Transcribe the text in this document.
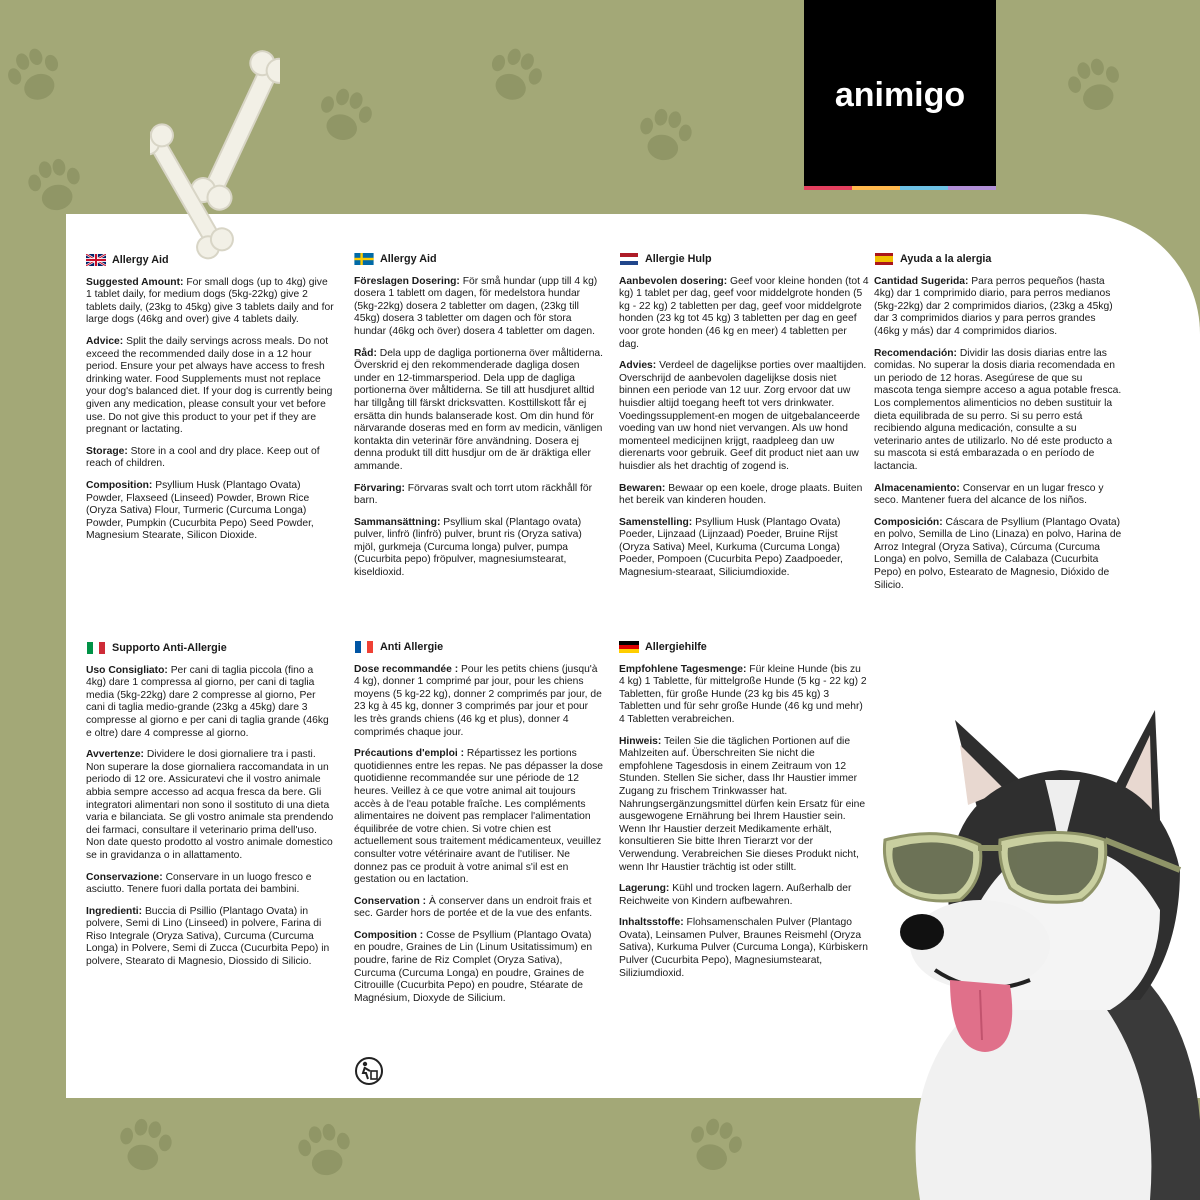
animigo
Allergy Aid

Suggested Amount: For small dogs (up to 4kg) give 1 tablet daily, for medium dogs (5kg-22kg) give 2 tablets daily, (23kg to 45kg) give 3 tablets daily and for large dogs (46kg and over) give 4 tablets daily.

Advice: Split the daily servings across meals. Do not exceed the recommended daily dose in a 12 hour period. Ensure your pet always have access to fresh drinking water. Food Supplements must not replace your dog's balanced diet. If your dog is currently being given any medication, please consult your vet before use. Do not give this product to your pet if they are pregnant or lactating.

Storage: Store in a cool and dry place. Keep out of reach of children.

Composition: Psyllium Husk (Plantago Ovata) Powder, Flaxseed (Linseed) Powder, Brown Rice (Oryza Sativa) Flour, Turmeric (Curcuma Longa) Powder, Pumpkin (Cucurbita Pepo) Seed Powder, Magnesium Stearate, Silicon Dioxide.

Allergy Aid

Föreslagen Dosering: För små hundar (upp till 4 kg) dosera 1 tablett om dagen, för medelstora hundar (5kg-22kg) dosera 2 tabletter om dagen, (23kg till 45kg) dosera 3 tabletter om dagen och för stora hundar (46kg och över) dosera 4 tabletter om dagen.

Råd: Dela upp de dagliga portionerna över måltiderna. Överskrid ej den rekommenderade dagliga dosen under en 12-timmarsperiod. Dela upp de dagliga portionerna över måltiderna. Se till att husdjuret alltid har tillgång till färskt dricksvatten. Kosttillskott får ej ersätta din hunds balanserade kost. Om din hund för närvarande doseras med en form av medicin, vänligen kontakta din veterinär före användning. Dosera ej denna produkt till ditt husdjur om de är dräktiga eller ammande.

Förvaring: Förvaras svalt och torrt utom räckhåll för barn.

Sammansättning: Psyllium skal (Plantago ovata) pulver, linfrö (linfrö) pulver, brunt ris (Oryza sativa) mjöl, gurkmeja (Curcuma longa) pulver, pumpa (Cucurbita pepo) fröpulver, magnesiumstearat, kiseldioxid.

Allergie Hulp

Aanbevolen dosering: Geef voor kleine honden (tot 4 kg) 1 tablet per dag, geef voor middelgrote honden (5 kg - 22 kg) 2 tabletten per dag, geef voor middelgrote honden (23 kg tot 45 kg) 3 tabletten per dag en geef voor grote honden (46 kg en meer) 4 tabletten per dag.

Advies: Verdeel de dagelijkse porties over maaltijden. Overschrijd de aanbevolen dagelijkse dosis niet binnen een periode van 12 uur. Zorg ervoor dat uw huisdier altijd toegang heeft tot vers drinkwater. Voedingssupplement-en mogen de uitgebalanceerde voeding van uw hond niet vervangen. Als uw hond momenteel medicijnen krijgt, raadpleeg dan uw dierenarts voor gebruik. Geef dit product niet aan uw huisdier als het drachtig of zogend is.

Bewaren: Bewaar op een koele, droge plaats. Buiten het bereik van kinderen houden.

Samenstelling: Psyllium Husk (Plantago Ovata) Poeder, Lijnzaad (Lijnzaad) Poeder, Bruine Rijst (Oryza Sativa) Meel, Kurkuma (Curcuma Longa) Poeder, Pompoen (Cucurbita Pepo) Zaadpoeder, Magnesium-stearaat, Siliciumdioxide.

Ayuda a la alergia

Cantidad Sugerida: Para perros pequeños (hasta 4kg) dar 1 comprimido diario, para perros medianos (5kg-22kg) dar 2 comprimidos diarios, (23kg a 45kg) dar 3 comprimidos diarios y para perros grandes (46kg y más) dar 4 comprimidos diarios.

Recomendación: Dividir las dosis diarias entre las comidas. No superar la dosis diaria recomendada en un periodo de 12 horas. Asegúrese de que su mascota tenga siempre acceso a agua potable fresca. Los complementos alimenticios no deben sustituir la dieta equilibrada de su perro. Si su perro está recibiendo alguna medicación, consulte a su veterinario antes de utilizarlo. No dé este producto a su mascota si está embarazada o en período de lactancia.

Almacenamiento: Conservar en un lugar fresco y seco. Mantener fuera del alcance de los niños.

Composición: Cáscara de Psyllium (Plantago Ovata) en polvo, Semilla de Lino (Linaza) en polvo, Harina de Arroz Integral (Oryza Sativa), Cúrcuma (Curcuma Longa) en polvo, Semilla de Calabaza (Cucurbita Pepo) en polvo, Estearato de Magnesio, Dióxido de Silicio.

Supporto Anti-Allergie

Uso Consigliato: Per cani di taglia piccola (fino a 4kg) dare 1 compressa al giorno, per cani di taglia media (5kg-22kg) dare 2 compresse al giorno, Per cani di taglia medio-grande (23kg a 45kg) dare 3 compresse al giorno e per cani di taglia grande (46kg e oltre) dare 4 compresse al giorno.

Avvertenze: Dividere le dosi giornaliere tra i pasti. Non superare la dose giornaliera raccomandata in un periodo di 12 ore. Assicuratevi che il vostro animale abbia sempre accesso ad acqua fresca da bere. Gli integratori alimentari non sono il sostituto di una dieta varia e bilanciata. Se gli vostro animale sta prendendo dei farmaci, consultare il veterinario prima dell'uso. Non date questo prodotto al vostro animale domestico se in gravidanza o in allattamento.

Conservazione: Conservare in un luogo fresco e asciutto. Tenere fuori dalla portata dei bambini.

Ingredienti: Buccia di Psillio (Plantago Ovata) in polvere, Semi di Lino (Linseed) in polvere, Farina di Riso Integrale (Oryza Sativa), Curcuma (Curcuma Longa) in Polvere, Semi di Zucca (Cucurbita Pepo) in polvere, Stearato di Magnesio, Diossido di Silicio.

Anti Allergie

Dose recommandée : Pour les petits chiens (jusqu'à 4 kg), donner 1 comprimé par jour, pour les chiens moyens (5 kg-22 kg), donner 2 comprimés par jour, de 23 kg à 45 kg, donner 3 comprimés par jour et pour les très grands chiens (46 kg et plus), donner 4 comprimés chaque jour.

Précautions d'emploi : Répartissez les portions quotidiennes entre les repas. Ne pas dépasser la dose quotidienne recommandée sur une période de 12 heures. Veillez à ce que votre animal ait toujours accès à de l'eau potable fraîche. Les compléments alimentaires ne doivent pas remplacer l'alimentation équilibrée de votre chien. Si votre chien est actuellement sous traitement médicamenteux, veuillez consulter votre vétérinaire avant de l'utiliser. Ne donnez pas ce produit à votre animal s'il est en gestation ou en lactation.

Conservation : À conserver dans un endroit frais et sec. Garder hors de portée et de la vue des enfants.

Composition : Cosse de Psyllium (Plantago Ovata) en poudre, Graines de Lin (Linum Usitatissimum) en poudre, farine de Riz Complet (Oryza Sativa), Curcuma (Curcuma Longa) en poudre, Graines de Citrouille (Cucurbita Pepo) en poudre, Stéarate de Magnésium, Dioxyde de Silicium.

Allergiehilfe

Empfohlene Tagesmenge: Für kleine Hunde (bis zu 4 kg) 1 Tablette, für mittelgroße Hunde (5 kg - 22 kg) 2 Tabletten, für große Hunde (23 kg bis 45 kg) 3 Tabletten und für sehr große Hunde (46 kg und mehr) 4 Tabletten verabreichen.

Hinweis: Teilen Sie die täglichen Portionen auf die Mahlzeiten auf. Überschreiten Sie nicht die empfohlene Tagesdosis in einem Zeitraum von 12 Stunden. Stellen Sie sicher, dass Ihr Haustier immer Zugang zu frischem Trinkwasser hat. Nahrungsergänzungsmittel dürfen kein Ersatz für eine ausgewogene Ernährung bei Ihrem Haustier sein. Wenn Ihr Haustier derzeit Medikamente erhält, konsultieren Sie bitte Ihren Tierarzt vor der Verwendung. Verabreichen Sie dieses Produkt nicht, wenn Ihr Haustier trächtig ist oder stillt.

Lagerung: Kühl und trocken lagern. Außerhalb der Reichweite von Kindern aufbewahren.

Inhaltsstoffe: Flohsamenschalen Pulver (Plantago Ovata), Leinsamen Pulver, Braunes Reismehl (Oryza Sativa), Kurkuma Pulver (Curcuma Longa), Kürbiskern Pulver (Cucurbita Pepo), Magnesiumstearat, Siliziumdioxid.
